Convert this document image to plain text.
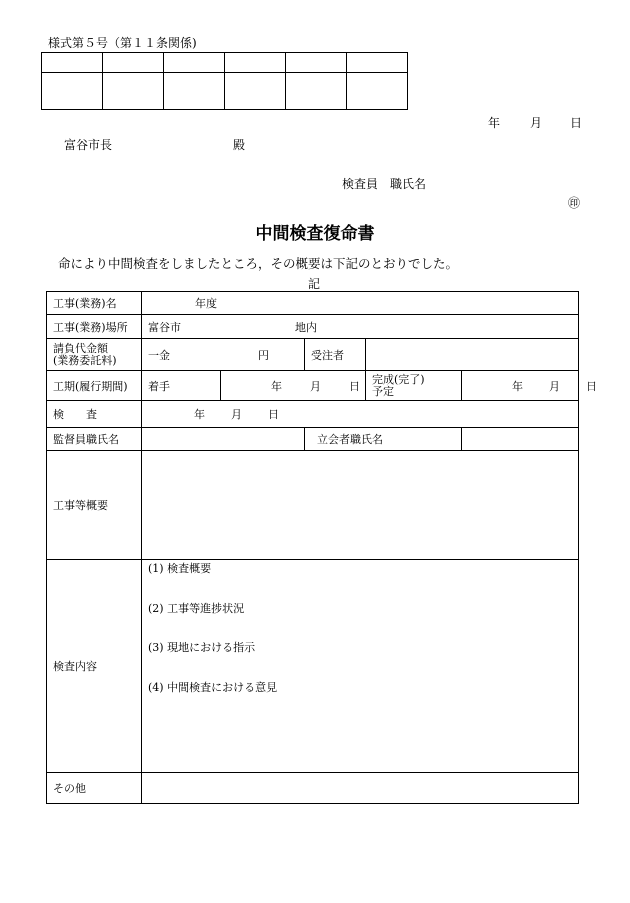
様式第５号（第１１条関係)

年 月 日
富谷市長	殿
検査員　職氏名
㊞
中間検査復命書
命により中間検査をしましたところ，その概要は下記のとおりでした。
記
工事(業務)名	年度				
工事(業務)場所	富谷市 地内				

請負代金額
(業務委託料)	一金 円		受注者		
工期(履行期間)	着手	年 月 日		完成(完了)
予定	年 月 日
検　　査	年 月 日				
監督員職氏名			立会者職氏名		
工事等概要					
検査内容	(1) 検査概要
(2) 工事等進捗状況
(3) 現地における指示
(4) 中間検査における意見				

その他					
